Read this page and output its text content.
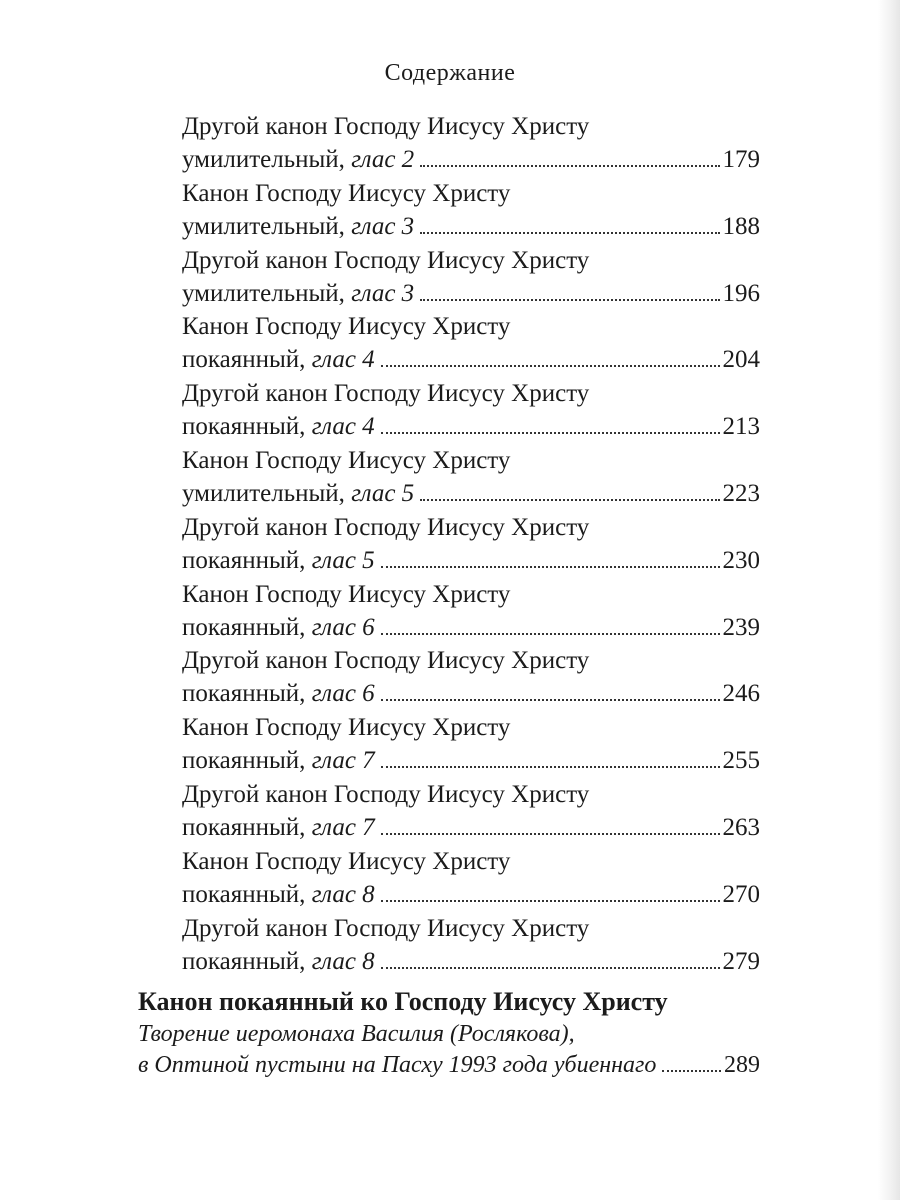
Содержание
Другой канон Господу Иисусу Христу
умилительный, глас 2	179
Канон Господу Иисусу Христу
умилительный, глас 3	188
Другой канон Господу Иисусу Христу
умилительный, глас 3	196
Канон Господу Иисусу Христу
покаянный, глас 4	204
Другой канон Господу Иисусу Христу
покаянный, глас 4	213
Канон Господу Иисусу Христу
умилительный, глас 5	223
Другой канон Господу Иисусу Христу
покаянный, глас 5	230
Канон Господу Иисусу Христу
покаянный, глас 6	239
Другой канон Господу Иисусу Христу
покаянный, глас 6	246
Канон Господу Иисусу Христу
покаянный, глас 7	255
Другой канон Господу Иисусу Христу
покаянный, глас 7	263
Канон Господу Иисусу Христу
покаянный, глас 8	270
Другой канон Господу Иисусу Христу
покаянный, глас 8	279
Канон покаянный ко Господу Иисусу Христу
Творение иеромонаха Василия (Рослякова),
в Оптиной пустыни на Пасху 1993 года убиеннаго	289
